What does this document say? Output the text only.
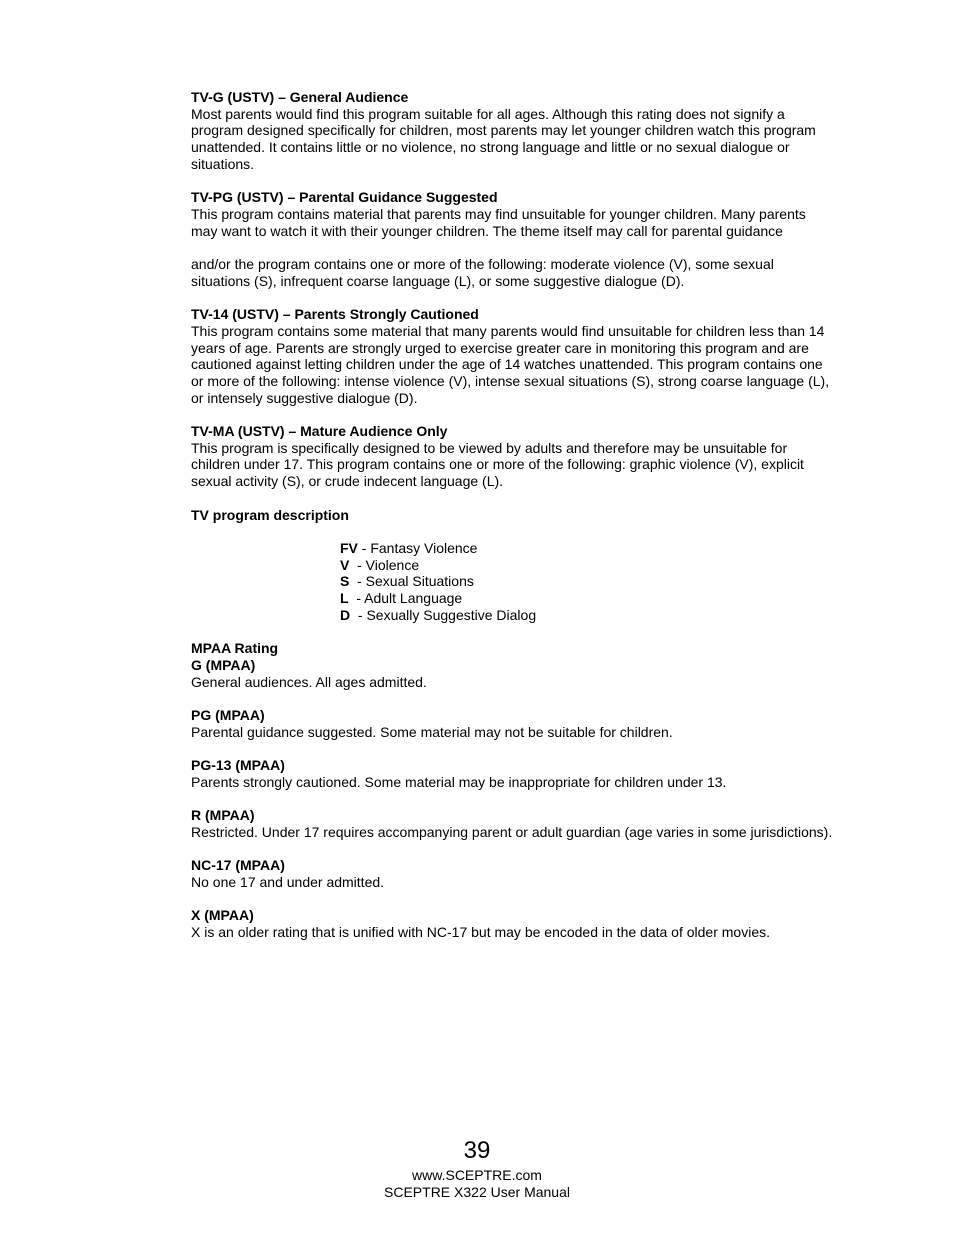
TV-G (USTV) – General Audience

Most parents would find this program suitable for all ages. Although this rating does not signify a program designed specifically for children, most parents may let younger children watch this program unattended. It contains little or no violence, no strong language and little or no sexual dialogue or situations.

TV-PG (USTV) – Parental Guidance Suggested

This program contains material that parents may find unsuitable for younger children. Many parents may want to watch it with their younger children. The theme itself may call for parental guidance

and/or the program contains one or more of the following: moderate violence (V), some sexual situations (S), infrequent coarse language (L), or some suggestive dialogue (D).

TV-14 (USTV) – Parents Strongly Cautioned

This program contains some material that many parents would find unsuitable for children less than 14 years of age. Parents are strongly urged to exercise greater care in monitoring this program and are cautioned against letting children under the age of 14 watches unattended. This program contains one or more of the following: intense violence (V), intense sexual situations (S), strong coarse language (L), or intensely suggestive dialogue (D).

TV-MA (USTV) – Mature Audience Only

This program is specifically designed to be viewed by adults and therefore may be unsuitable for children under 17. This program contains one or more of the following: graphic violence (V), explicit sexual activity (S), or crude indecent language (L).

TV program description

FV - Fantasy Violence

V  - Violence

S  - Sexual Situations

L  - Adult Language

D  - Sexually Suggestive Dialog

MPAA Rating

G (MPAA)

General audiences. All ages admitted.

PG (MPAA)

Parental guidance suggested. Some material may not be suitable for children.

PG-13 (MPAA)

Parents strongly cautioned. Some material may be inappropriate for children under 13.

R (MPAA)

Restricted. Under 17 requires accompanying parent or adult guardian (age varies in some jurisdictions).

NC-17 (MPAA)

No one 17 and under admitted.

X (MPAA)

X is an older rating that is unified with NC-17 but may be encoded in the data of older movies.

39
www.SCEPTRE.com
SCEPTRE X322 User Manual
